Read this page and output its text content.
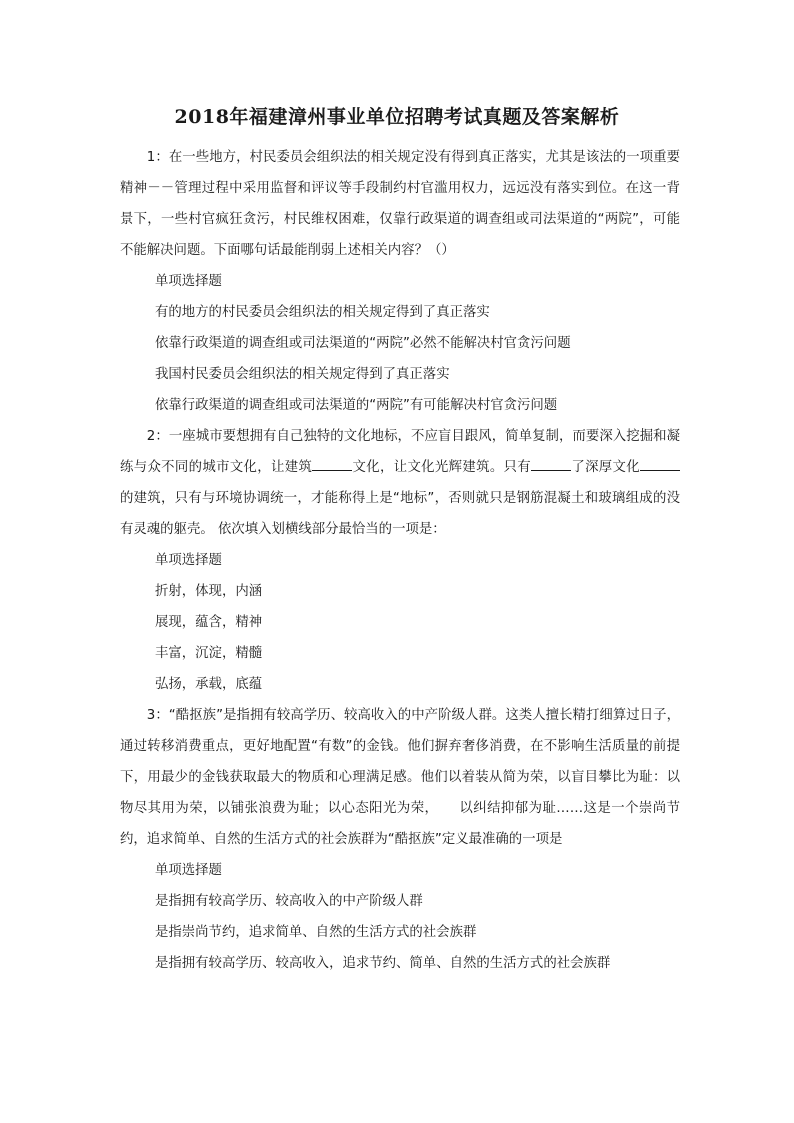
2018年福建漳州事业单位招聘考试真题及答案解析

1：在一些地方，村民委员会组织法的相关规定没有得到真正落实，尤其是该法的一项重要精神－－管理过程中采用监督和评议等手段制约村官滥用权力，远远没有落实到位。在这一背景下，一些村官疯狂贪污，村民维权困难，仅靠行政渠道的调查组或司法渠道的“两院”，可能不能解决问题。下面哪句话最能削弱上述相关内容？（）

单项选择题

有的地方的村民委员会组织法的相关规定得到了真正落实

依靠行政渠道的调查组或司法渠道的“两院”必然不能解决村官贪污问题

我国村民委员会组织法的相关规定得到了真正落实

依靠行政渠道的调查组或司法渠道的“两院”有可能解决村官贪污问题

2：一座城市要想拥有自己独特的文化地标，不应盲目跟风，简单复制，而要深入挖掘和凝练与众不同的城市文化，让建筑	文化，让文化光辉建筑。只有	了深厚文化的建筑，只有与环境协调统一，才能称得上是“地标”，否则就只是钢筋混凝土和玻璃组成的没有灵魂的躯壳。 依次填入划横线部分最恰当的一项是：

单项选择题

折射，体现，内涵

展现，蕴含，精神

丰富，沉淀，精髓

弘扬，承载，底蕴

3：“酷抠族”是指拥有较高学历、较高收入的中产阶级人群。这类人擅长精打细算过日子，通过转移消费重点，更好地配置“有数”的金钱。他们摒弃奢侈消费，在不影响生活质量的前提下，用最少的金钱获取最大的物质和心理满足感。他们以着装从简为荣，以盲目攀比为耻：以物尽其用为荣，以铺张浪费为耻；以心态阳光为荣，　　以纠结抑郁为耻……这是一个崇尚节约，追求简单、自然的生活方式的社会族群为“酷抠族”定义最准确的一项是

单项选择题

是指拥有较高学历、较高收入的中产阶级人群

是指崇尚节约，追求简单、自然的生活方式的社会族群

是指拥有较高学历、较高收入，追求节约、简单、自然的生活方式的社会族群
